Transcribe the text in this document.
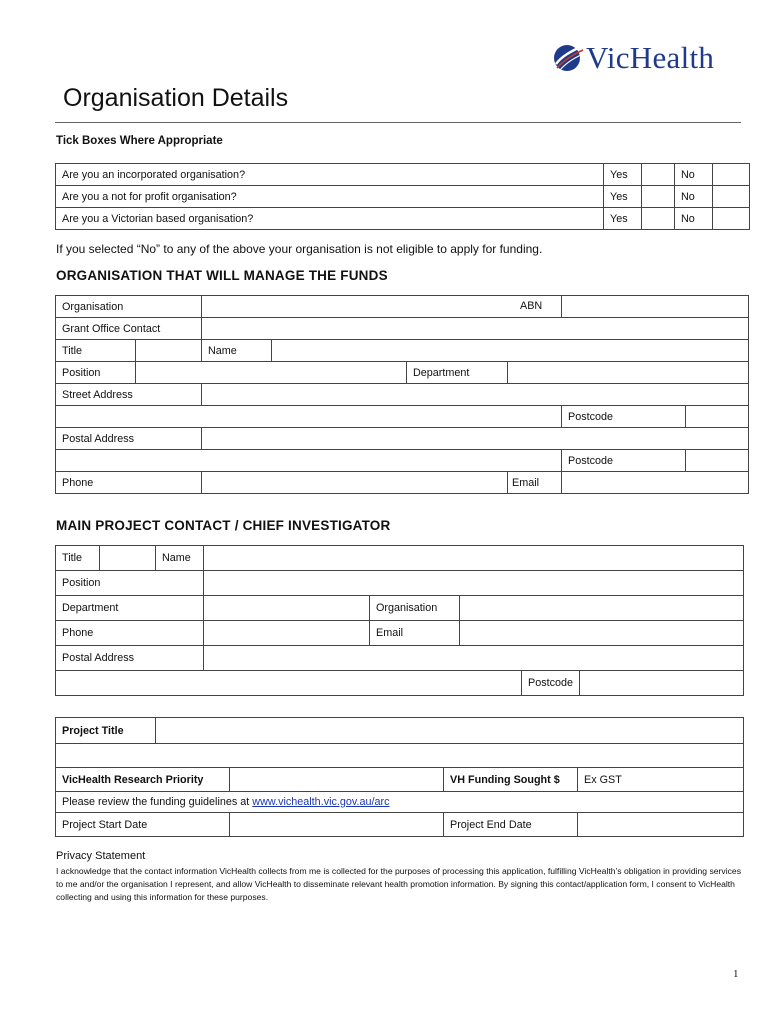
VicHealth
Organisation Details
Tick Boxes Where Appropriate
Are you an incorporated organisation?	Yes		No	
Are you a not for profit organisation?	Yes		No	
Are you a Victorian based organisation?	Yes		No	
If you selected “No” to any of the above your organisation is not eligible to apply for funding.
ORGANISATION THAT WILL MANAGE THE FUNDS
Organisation						ABN	

Grant Office Contact							
Title		Name					
Position				Department			
Street Address							
						Postcode	
Postal Address							
						Postcode	
Phone					Email		
MAIN PROJECT CONTACT / CHIEF INVESTIGATOR
Title		Name					
Position							
Department				Organisation			
Phone				Email			
Postal Address							
						Postcode	
Project Title				

VicHealth Research Priority			VH Funding Sought $	Ex GST
Please review the funding guidelines at www.vichealth.vic.gov.au/arc				
Project Start Date			Project End Date	
Privacy Statement
I acknowledge that the contact information VicHealth collects from me is collected for the purposes of processing this application, fulfilling VicHealth’s obligation in providing services to me and/or the organisation I represent, and allow VicHealth to disseminate relevant health promotion information. By signing this contact/application form, I consent to VicHealth collecting and using this information for these purposes.
1
